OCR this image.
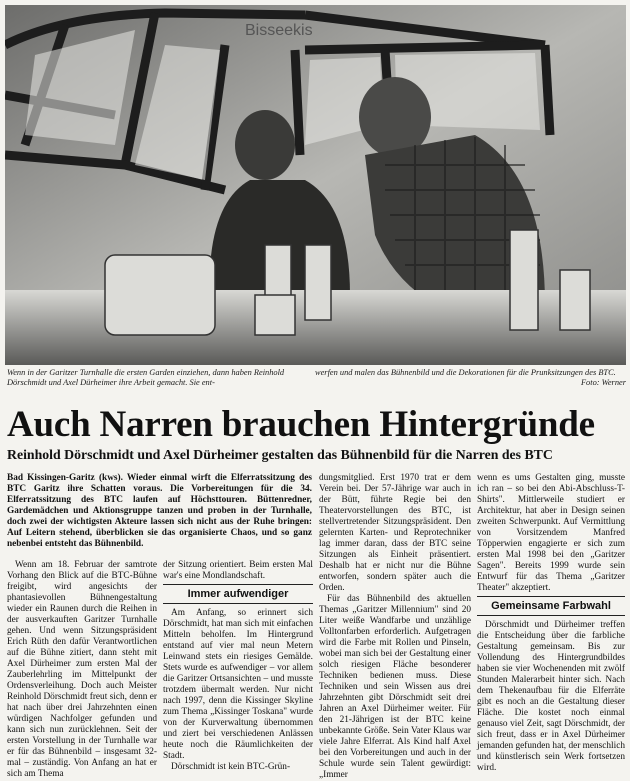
Bisseekis
Wenn in der Garitzer Turnhalle die ersten Garden einziehen, dann haben Reinhold Dörschmidt und Axel Dürheimer ihre Arbeit gemacht. Sie ent-
werfen und malen das Bühnenbild und die Dekorationen für die Prunksitzungen des BTC.
Foto: Werner
Auch Narren brauchen Hintergründe
Reinhold Dörschmidt und Axel Dürheimer gestalten das Bühnenbild für die Narren des BTC
Bad Kissingen-Garitz (kws). Wieder einmal wirft die Elferratssitzung des BTC Garitz ihre Schatten voraus. Die Vorbereitungen für die 34. Elferratssitzung des BTC laufen auf Höchsttouren. Büttenredner, Gardemädchen und Aktionsgruppe tanzen und proben in der Turnhalle, doch zwei der wichtigsten Akteure lassen sich nicht aus der Ruhe bringen: Auf Leitern stehend, überblicken sie das organisierte Chaos, und so ganz nebenbei entsteht das Bühnenbild.

Wenn am 18. Februar der samtrote Vorhang den Blick auf die BTC-Bühne freigibt, wird angesichts der phantasievollen Bühnengestaltung wieder ein Raunen durch die Reihen in der ausverkauften Garitzer Turnhalle gehen. Und wenn Sitzungspräsident Erich Rüth den dafür Verantwortlichen auf die Bühne zitiert, dann steht mit Axel Dürheimer zum ersten Mal der Zauberlehrling im Mittelpunkt der Ordensverleihung. Doch auch Meister Reinhold Dörschmidt freut sich, denn er hat nach über drei Jahrzehnten einen würdigen Nachfolger gefunden und kann sich nun zurücklehnen. Seit der ersten Vorstellung in der Turnhalle war er für das Bühnenbild – insgesamt 32-mal – zuständig. Von Anfang an hat er sich am Thema

der Sitzung orientiert. Beim ersten Mal war's eine Mondlandschaft.

Immer aufwendiger

Am Anfang, so erinnert sich Dörschmidt, hat man sich mit einfachen Mitteln beholfen. Im Hintergrund entstand auf vier mal neun Metern Leinwand stets ein riesiges Gemälde. Stets wurde es aufwendiger – vor allem die Garitzer Ortsansichten – und musste trotzdem übermalt werden. Nur nicht nach 1997, denn die Kissinger Skyline zum Thema „Kissinger Toskana" wurde von der Kurverwaltung übernommen und ziert bei verschiedenen Anlässen heute noch die Räumlichkeiten der Stadt.

Dörschmidt ist kein BTC-Grün-

dungsmitglied. Erst 1970 trat er dem Verein bei. Der 57-Jährige war auch in der Bütt, führte Regie bei den Theatervorstellungen des BTC, ist stellvertretender Sitzungspräsident. Den gelernten Karten- und Reprotechniker lag immer daran, dass der BTC seine Sitzungen als Einheit präsentiert. Deshalb hat er nicht nur die Bühne entworfen, sondern später auch die Orden.

Für das Bühnenbild des aktuellen Themas „Garitzer Millennium" sind 20 Liter weiße Wandfarbe und unzählige Volltonfarben erforderlich. Aufgetragen wird die Farbe mit Rollen und Pinseln, wobei man sich bei der Gestaltung einer solch riesigen Fläche besonderer Techniken bedienen muss. Diese Techniken und sein Wissen aus drei Jahrzehnten gibt Dörschmidt seit drei Jahren an Axel Dürheimer weiter. Für den 21-Jährigen ist der BTC keine unbekannte Größe. Sein Vater Klaus war viele Jahre Elferrat. Als Kind half Axel bei den Vorbereitungen und auch in der Schule wurde sein Talent gewürdigt: „Immer

wenn es ums Gestalten ging, musste ich ran – so bei den Abi-Abschluss-T-Shirts". Mittlerweile studiert er Architektur, hat aber in Design seinen zweiten Schwerpunkt. Auf Vermittlung von Vorsitzendem Manfred Töpperwien engagierte er sich zum ersten Mal 1998 bei den „Garitzer Sagen". Bereits 1999 wurde sein Entwurf für das Thema „Garitzer Theater" akzeptiert.

Gemeinsame Farbwahl

Dörschmidt und Dürheimer treffen die Entscheidung über die farbliche Gestaltung gemeinsam. Bis zur Vollendung des Hintergrundbildes haben sie vier Wochenenden mit zwölf Stunden Malerarbeit hinter sich. Nach dem Thekenaufbau für die Elferräte gibt es noch an die Gestaltung dieser Fläche. Die kostet noch einmal genauso viel Zeit, sagt Dörschmidt, der sich freut, dass er in Axel Dürheimer jemanden gefunden hat, der menschlich und künstlerisch sein Werk fortsetzen wird.
